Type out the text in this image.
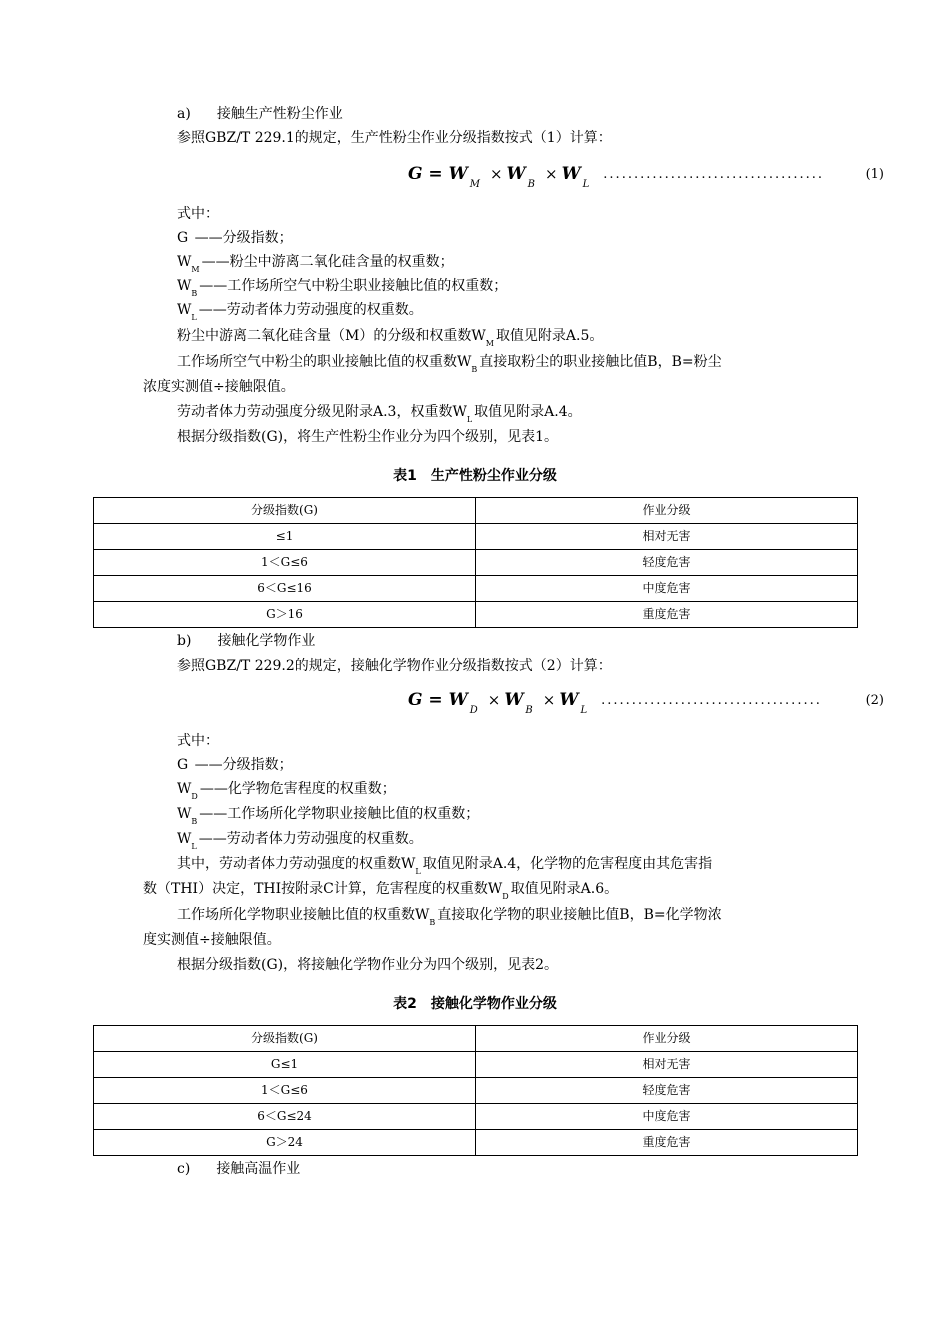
a) 接触生产性粉尘作业
参照GBZ/T 229.1的规定，生产性粉尘作业分级指数按式（1）计算：
$G = W_M\times W_B\times W_L$
....................................	(1)
式中：
G ——分级指数；
$W_M$ ——粉尘中游离二氧化硅含量的权重数；
$W_B$ ——工作场所空气中粉尘职业接触比值的权重数；
$W_L$ ——劳动者体力劳动强度的权重数。
粉尘中游离二氧化硅含量（M）的分级和权重数$W_M$ 取值见附录A.5。
工作场所空气中粉尘的职业接触比值的权重数$W_B$ 直接取粉尘的职业接触比值B，B=粉尘
浓度实测值÷接触限值。
劳动者体力劳动强度分级见附录A.3，权重数$W_L$ 取值见附录A.4。
根据分级指数(G)，将生产性粉尘作业分为四个级别，见表1。
表1　生产性粉尘作业分级
分级指数(G)	作业分级
≤1	相对无害
1＜G≤6	轻度危害
6＜G≤16	中度危害
G＞16	重度危害
b) 接触化学物作业
参照GBZ/T 229.2的规定，接触化学物作业分级指数按式（2）计算：
$G = W_D\times W_B\times W_L$
....................................	(2)
式中：
G ——分级指数；
$W_D$ ——化学物危害程度的权重数；
$W_B$ ——工作场所化学物职业接触比值的权重数；
$W_L$ ——劳动者体力劳动强度的权重数。
其中，劳动者体力劳动强度的权重数$W_L$ 取值见附录A.4，化学物的危害程度由其危害指
数（THI）决定，THI按附录C计算，危害程度的权重数$W_D$ 取值见附录A.6。
工作场所化学物职业接触比值的权重数$W_B$ 直接取化学物的职业接触比值B，B=化学物浓
度实测值÷接触限值。
根据分级指数(G)，将接触化学物作业分为四个级别，见表2。
表2　接触化学物作业分级
分级指数(G)	作业分级
G≤1	相对无害
1＜G≤6	轻度危害
6＜G≤24	中度危害
G＞24	重度危害
c) 接触高温作业
